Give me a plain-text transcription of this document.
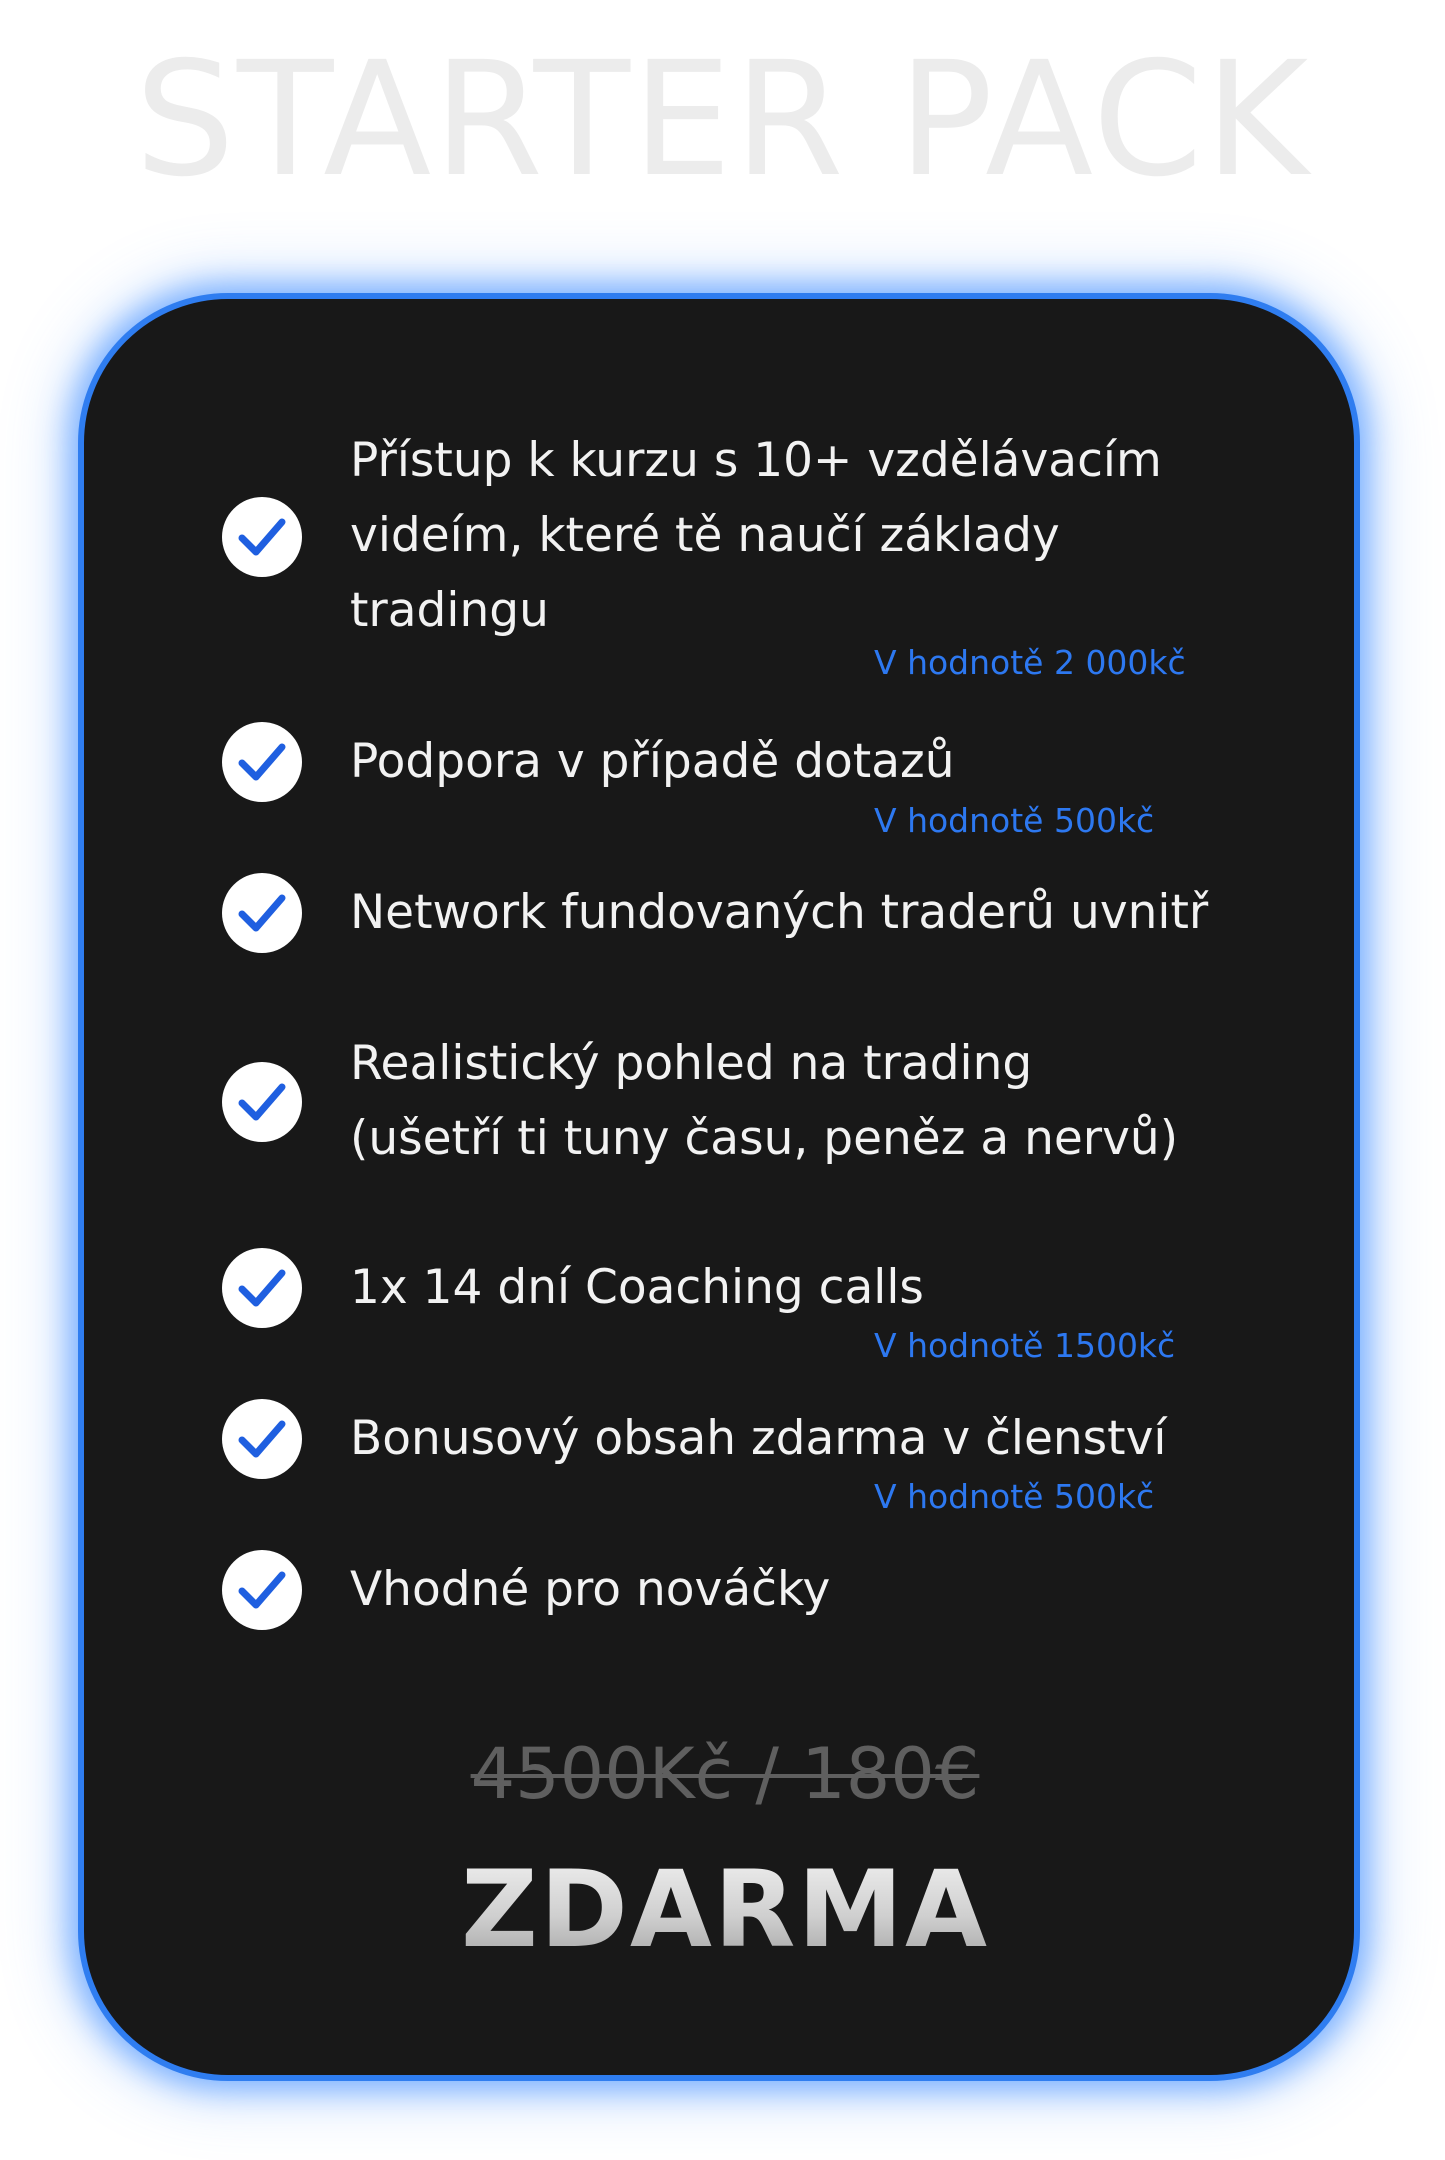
STARTER PACK
Přístup k kurzu s 10+ vzdělávacím
videím, které tě naučí základy
tradingu
V hodnotě 2 000kč
Podpora v případě dotazů
V hodnotě 500kč
Network fundovaných traderů uvnitř
Realistický pohled na trading
(ušetří ti tuny času, peněz a nervů)
1x 14 dní Coaching calls
V hodnotě 1500kč
Bonusový obsah zdarma v členství
V hodnotě 500kč
Vhodné pro nováčky
4500Kč / 180€
ZDARMA
